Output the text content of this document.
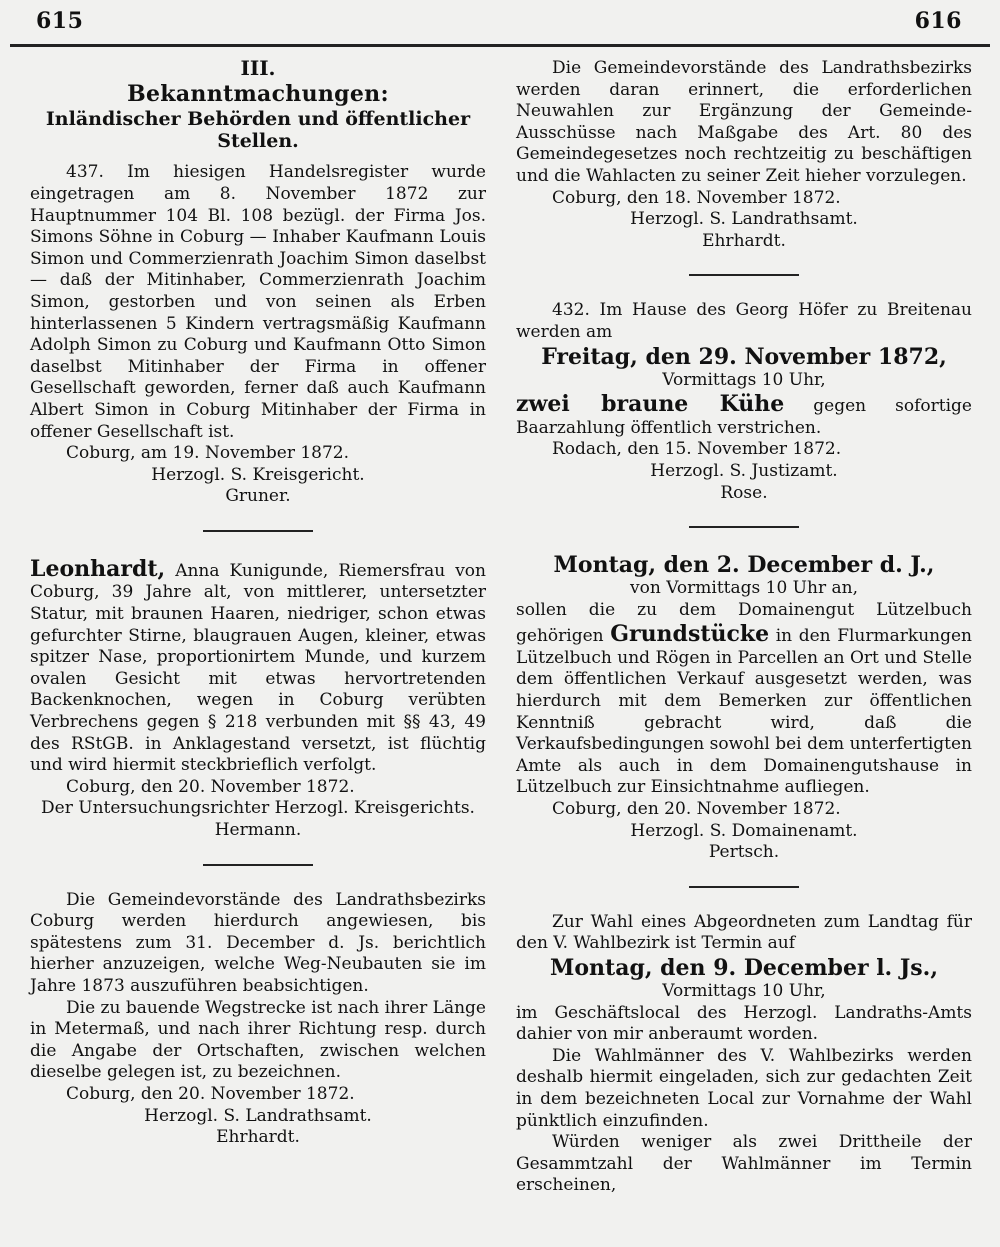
615	616
III.
Bekanntmachungen:
Inländischer Behörden und öffentlicher Stellen.

437. Im hiesigen Handelsregister wurde eingetragen am 8. November 1872 zur Hauptnummer 104 Bl. 108 bezügl. der Firma Jos. Simons Söhne in Coburg — Inhaber Kaufmann Louis Simon und Commerzienrath Joachim Simon daselbst — daß der Mitinhaber, Commerzienrath Joachim Simon, gestorben und von seinen als Erben hinterlassenen 5 Kindern vertragsmäßig Kaufmann Adolph Simon zu Coburg und Kaufmann Otto Simon daselbst Mitinhaber der Firma in offener Gesellschaft geworden, ferner daß auch Kaufmann Albert Simon in Coburg Mitinhaber der Firma in offener Gesellschaft ist.

Coburg, am 19. November 1872.

Herzogl. S. Kreisgericht.

Gruner.

Leonhardt, Anna Kunigunde, Riemersfrau von Coburg, 39 Jahre alt, von mittlerer, untersetzter Statur, mit braunen Haaren, niedriger, schon etwas gefurchter Stirne, blaugrauen Augen, kleiner, etwas spitzer Nase, proportionirtem Munde, und kurzem ovalen Gesicht mit etwas hervortretenden Backenknochen, wegen in Coburg verübten Verbrechens gegen § 218 verbunden mit §§ 43, 49 des RStGB. in Anklagestand versetzt, ist flüchtig und wird hiermit steckbrieflich verfolgt.

Coburg, den 20. November 1872.

Der Untersuchungsrichter Herzogl. Kreisgerichts.

Hermann.

Die Gemeindevorstände des Landrathsbezirks Coburg werden hierdurch angewiesen, bis spätestens zum 31. December d. Js. berichtlich hierher anzuzeigen, welche Weg-Neubauten sie im Jahre 1873 auszuführen beabsichtigen.

Die zu bauende Wegstrecke ist nach ihrer Länge in Metermaß, und nach ihrer Richtung resp. durch die Angabe der Ortschaften, zwischen welchen dieselbe gelegen ist, zu bezeichnen.

Coburg, den 20. November 1872.

Herzogl. S. Landrathsamt.

Ehrhardt.

Die Gemeindevorstände des Landrathsbezirks werden daran erinnert, die erforderlichen Neuwahlen zur Ergänzung der Gemeinde-Ausschüsse nach Maßgabe des Art. 80 des Gemeindegesetzes noch rechtzeitig zu beschäftigen und die Wahlacten zu seiner Zeit hieher vorzulegen.

Coburg, den 18. November 1872.

Herzogl. S. Landrathsamt.

Ehrhardt.

432. Im Hause des Georg Höfer zu Breitenau werden am

Freitag, den 29. November 1872,

Vormittags 10 Uhr,

zwei braune Kühe gegen sofortige Baarzahlung öffentlich verstrichen.

Rodach, den 15. November 1872.

Herzogl. S. Justizamt.

Rose.

Montag, den 2. December d. J.,

von Vormittags 10 Uhr an,

sollen die zu dem Domainengut Lützelbuch gehörigen Grundstücke in den Flurmarkungen Lützelbuch und Rögen in Parcellen an Ort und Stelle dem öffentlichen Verkauf ausgesetzt werden, was hierdurch mit dem Bemerken zur öffentlichen Kenntniß gebracht wird, daß die Verkaufsbedingungen sowohl bei dem unterfertigten Amte als auch in dem Domainengutshause in Lützelbuch zur Einsichtnahme aufliegen.

Coburg, den 20. November 1872.

Herzogl. S. Domainenamt.

Pertsch.

Zur Wahl eines Abgeordneten zum Landtag für den V. Wahlbezirk ist Termin auf

Montag, den 9. December l. Js.,

Vormittags 10 Uhr,

im Geschäftslocal des Herzogl. Landraths-Amts dahier von mir anberaumt worden.

Die Wahlmänner des V. Wahlbezirks werden deshalb hiermit eingeladen, sich zur gedachten Zeit in dem bezeichneten Local zur Vornahme der Wahl pünktlich einzufinden.

Würden weniger als zwei Drittheile der Gesammtzahl der Wahlmänner im Termin erscheinen,
